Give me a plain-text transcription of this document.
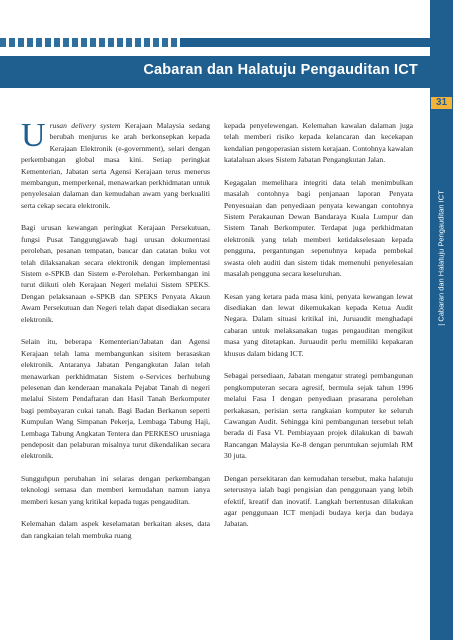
Cabaran dan Halatuju Pengauditan ICT
31
| Cabaran dan Halatuju Pengauditan ICT

Urusan delivery system Kerajaan Malaysia sedang berubah menjurus ke arah berkonsepkan kepada Kerajaan Elektronik (e-government), selari dengan perkembangan global masa kini. Setiap peringkat Kementerian, Jabatan serta Agensi Kerajaan terus menerus membangun, memperkenal, menawarkan perkhidmatan untuk penyelesaian dalaman dan kemudahan awam yang berkualiti serta cekap secara elektronik.

Bagi urusan kewangan peringkat Kerajaan Persekutuan, fungsi Pusat Tanggungjawab bagi urusan dokumentasi perolehan, pesanan tempatan, baucar dan catatan buku vot telah dilaksanakan secara elektronik dengan implementasi Sistem e-SPKB dan Sistem e-Perolehan. Perkembangan ini turut diikuti oleh Kerajaan Negeri melalui Sistem SPEKS. Dengan pelaksanaan e-SPKB dan SPEKS Penyata Akaun Awam Persekutuan dan Negeri telah dapat disediakan secara elektronik.

Selain itu, beberapa Kementerian/Jabatan dan Agensi Kerajaan telah lama membangunkan sisitem berasaskan elektronik. Antaranya Jabatan Pengangkutan Jalan telah menawarkan perkhidmatan Sistem e-Services berhubung pelesenan dan kenderaan manakala Pejabat Tanah di negeri melalui Sistem Pendaftaran dan Hasil Tanah Berkomputer bagi pembayaran cukai tanah. Bagi Badan Berkanun seperti Kumpulan Wang Simpanan Pekerja, Lembaga Tabung Haji, Lembaga Tabung Angkatan Tentera dan PERKESO urusniaga pendeposit dan pelaburan misalnya turut dikendalikan secara elektronik.

Sungguhpun perubahan ini selaras dengan perkembangan teknologi semasa dan memberi kemudahan namun ianya memberi kesan yang kritikal kepada tugas pengauditan.

Kelemahan dalam aspek keselamatan berkaitan akses, data dan rangkaian telah membuka ruang

kepada penyelewengan. Kelemahan kawalan dalaman juga telah memberi risiko kepada kelancaran dan kecekapan kendalian pengoperasian sistem kerajaan. Contohnya kawalan katalaluan akses Sistem Jabatan Pengangkutan Jalan.

Kegagalan memelihara integriti data telah menimbulkan masalah contohnya bagi penjanaan laporan Penyata Penyesuaian dan penyediaan penyata kewangan contohnya Sistem Perakaunan Dewan Bandaraya Kuala Lumpur dan Sistem Tanah Berkomputer. Terdapat juga perkhidmatan elektronik yang telah memberi ketidakselesaan kepada pengguna, pergantungan sepenuhnya kepada pembekal swasta oleh auditi dan sistem tidak memenuhi penyelesaian masalah pengguna secara keseluruhan.

Kesan yang ketara pada masa kini, penyata kewangan lewat disediakan dan lewat dikemukakan kepada Ketua Audit Negara. Dalam situasi kritikal ini, Juruaudit menghadapi cabaran untuk melaksanakan tugas pengauditan mengikut masa yang ditetapkan. Juruaudit perlu memiliki kepakaran khusus dalam bidang ICT.

Sebagai persediaan, Jabatan mengatur strategi pembangunan pengkomputeran secara agresif, bermula sejak tahun 1996 melalui Fasa I dengan penyediaan prasarana perolehan perkakasan, perisian serta rangkaian komputer ke seluruh Cawangan Audit. Sehingga kini pembangunan tersebut telah berada di Fasa VI. Pembiayaan projek dilakukan di bawah Rancangan Malaysia Ke-8 dengan peruntukan sejumlah RM 30 juta.

Dengan persekitaran dan kemudahan tersebut, maka halatuju seterusnya ialah bagi pengisian dan penggunaan yang lebih efektif, kreatif dan inovatif. Langkah bertentusan dilakukan agar penggunaan ICT menjadi budaya kerja dan budaya Jabatan.
